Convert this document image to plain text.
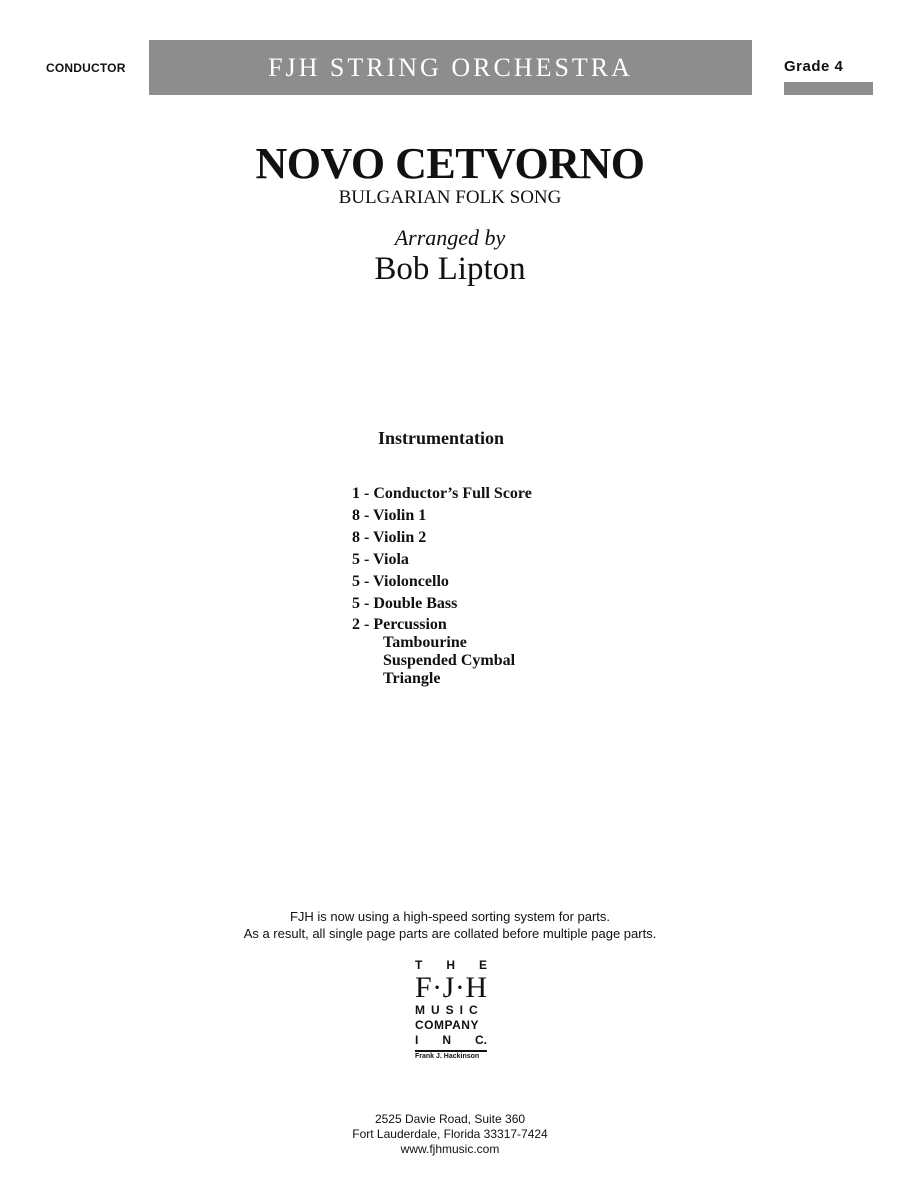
CONDUCTOR	FJH STRING ORCHESTRA	Grade 4
NOVO CETVORNO
BULGARIAN FOLK SONG
Arranged by
Bob Lipton
Instrumentation
1 - Conductor’s Full Score
8 - Violin 1
8 - Violin 2
5 - Viola
5 - Violoncello
5 - Double Bass
2 - Percussion
Tambourine
Suspended Cymbal
Triangle
FJH is now using a high-speed sorting system for parts.
As a result, all single page parts are collated before multiple page parts.
T H E
F · J · H
MUSIC
COMPANY
I N C.
Frank J. Hackinson
2525 Davie Road, Suite 360
Fort Lauderdale, Florida 33317-7424
www.fjhmusic.com
